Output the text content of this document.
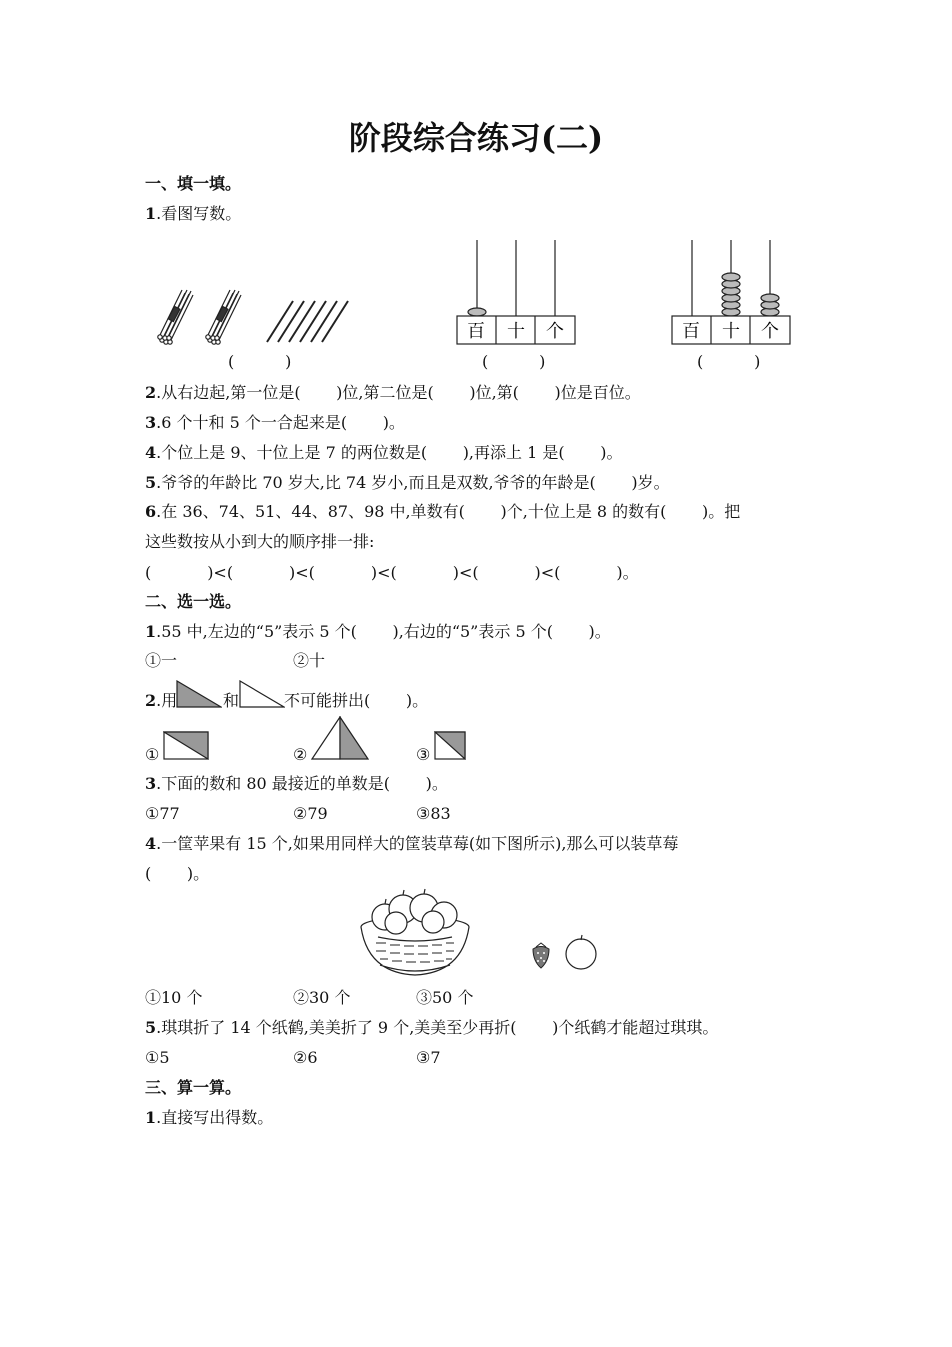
阶段综合练习(二)
一、填一填。
1.看图写数。
(          )
百 十 个
(          )
百 十 个
(          )
2.从右边起,第一位是(       )位,第二位是(       )位,第(       )位是百位。
3.6 个十和 5 个一合起来是(       )。
4.个位上是 9、十位上是 7 的两位数是(       ),再添上 1 是(       )。
5.爷爷的年龄比 70 岁大,比 74 岁小,而且是双数,爷爷的年龄是(       )岁。
6.在 36、74、51、44、87、98 中,单数有(       )个,十位上是 8 的数有(       )。把
这些数按从小到大的顺序排一排:
(           )<(           )<(           )<(           )<(           )<(           )。
二、选一选。
1.55 中,左边的“5”表示 5 个(       ),右边的“5”表示 5 个(       )。
①一	②十
2.用	和	不可能拼出(       )。
①	②	③
3.下面的数和 80 最接近的单数是(       )。
①77	②79	③83
4.一筐苹果有 15 个,如果用同样大的筐装草莓(如下图所示),那么可以装草莓
(       )。
①10 个	②30 个	③50 个
5.琪琪折了 14 个纸鹤,美美折了 9 个,美美至少再折(       )个纸鹤才能超过琪琪。
①5	②6	③7
三、算一算。
1.直接写出得数。
